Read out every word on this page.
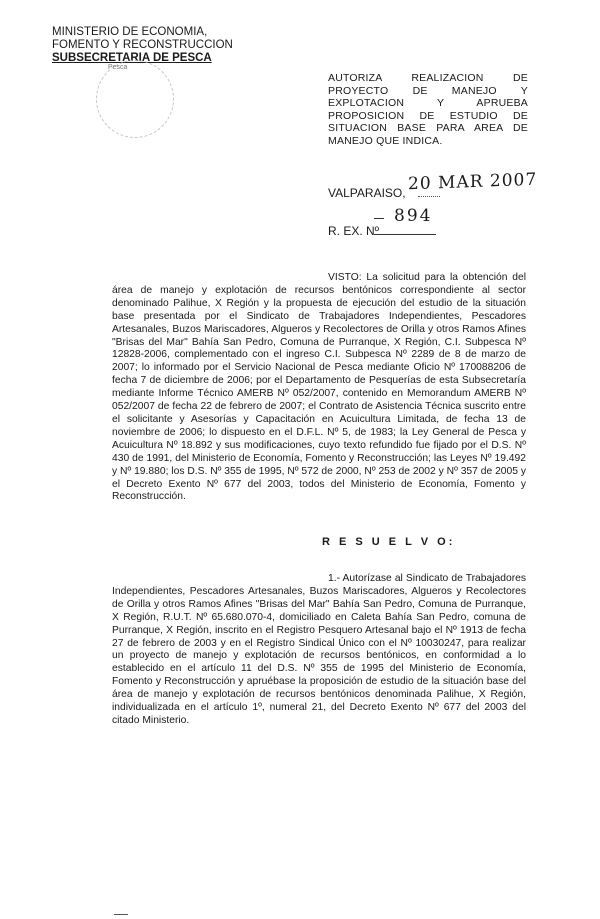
MINISTERIO DE ECONOMIA,
FOMENTO Y RECONSTRUCCION
SUBSECRETARIA DE PESCA
Pesca
AUTORIZA REALIZACION DE PROYECTO DE MANEJO Y EXPLOTACION Y APRUEBA PROPOSICION DE ESTUDIO DE SITUACION BASE PARA AREA DE MANEJO QUE INDICA.
VALPARAISO, 20 MAR 2007
R. EX. Nº
894

VISTO: La solicitud para la obtención del área de manejo y explotación de recursos bentónicos correspondiente al sector denominado Palihue, X Región y la propuesta de ejecución del estudio de la situación base presentada por el Sindicato de Trabajadores Independientes, Pescadores Artesanales, Buzos Mariscadores, Algueros y Recolectores de Orilla y otros Ramos Afines "Brisas del Mar" Bahía San Pedro, Comuna de Purranque, X Región, C.I. Subpesca Nº 12828-2006, complementado con el ingreso C.I. Subpesca Nº 2289 de 8 de marzo de 2007; lo informado por el Servicio Nacional de Pesca mediante Oficio Nº 170088206 de fecha 7 de diciembre de 2006; por el Departamento de Pesquerías de esta Subsecretaría mediante Informe Técnico AMERB Nº 052/2007, contenido en Memorandum AMERB Nº 052/2007 de fecha 22 de febrero de 2007; el Contrato de Asistencia Técnica suscrito entre el solicitante y Asesorías y Capacitación en Acuicultura Limitada, de fecha 13 de noviembre de 2006; lo dispuesto en el D.F.L. Nº 5, de 1983; la Ley General de Pesca y Acuicultura Nº 18.892 y sus modificaciones, cuyo texto refundido fue fijado por el D.S. Nº 430 de 1991, del Ministerio de Economía, Fomento y Reconstrucción; las Leyes Nº 19.492 y Nº 19.880; los D.S. Nº 355 de 1995, Nº 572 de 2000, Nº 253 de 2002 y Nº 357 de 2005 y el Decreto Exento Nº 677 del 2003, todos del Ministerio de Economía, Fomento y Reconstrucción.

R E S U E L V O:

1.- Autorízase al Sindicato de Trabajadores Independientes, Pescadores Artesanales, Buzos Mariscadores, Algueros y Recolectores de Orilla y otros Ramos Afines "Brisas del Mar" Bahía San Pedro, Comuna de Purranque, X Región, R.U.T. Nº 65.680.070-4, domiciliado en Caleta Bahía San Pedro, comuna de Purranque, X Región, inscrito en el Registro Pesquero Artesanal bajo el Nº 1913 de fecha 27 de febrero de 2003 y en el Registro Sindical Único con el Nº 10030247, para realizar un proyecto de manejo y explotación de recursos bentónicos, en conformidad a lo establecido en el artículo 11 del D.S. Nº 355 de 1995 del Ministerio de Economía, Fomento y Reconstrucción y apruébase la proposición de estudio de la situación base del área de manejo y explotación de recursos bentónicos denominada Palihue, X Región, individualizada en el artículo 1º, numeral 21, del Decreto Exento Nº 677 del 2003 del citado Ministerio.
